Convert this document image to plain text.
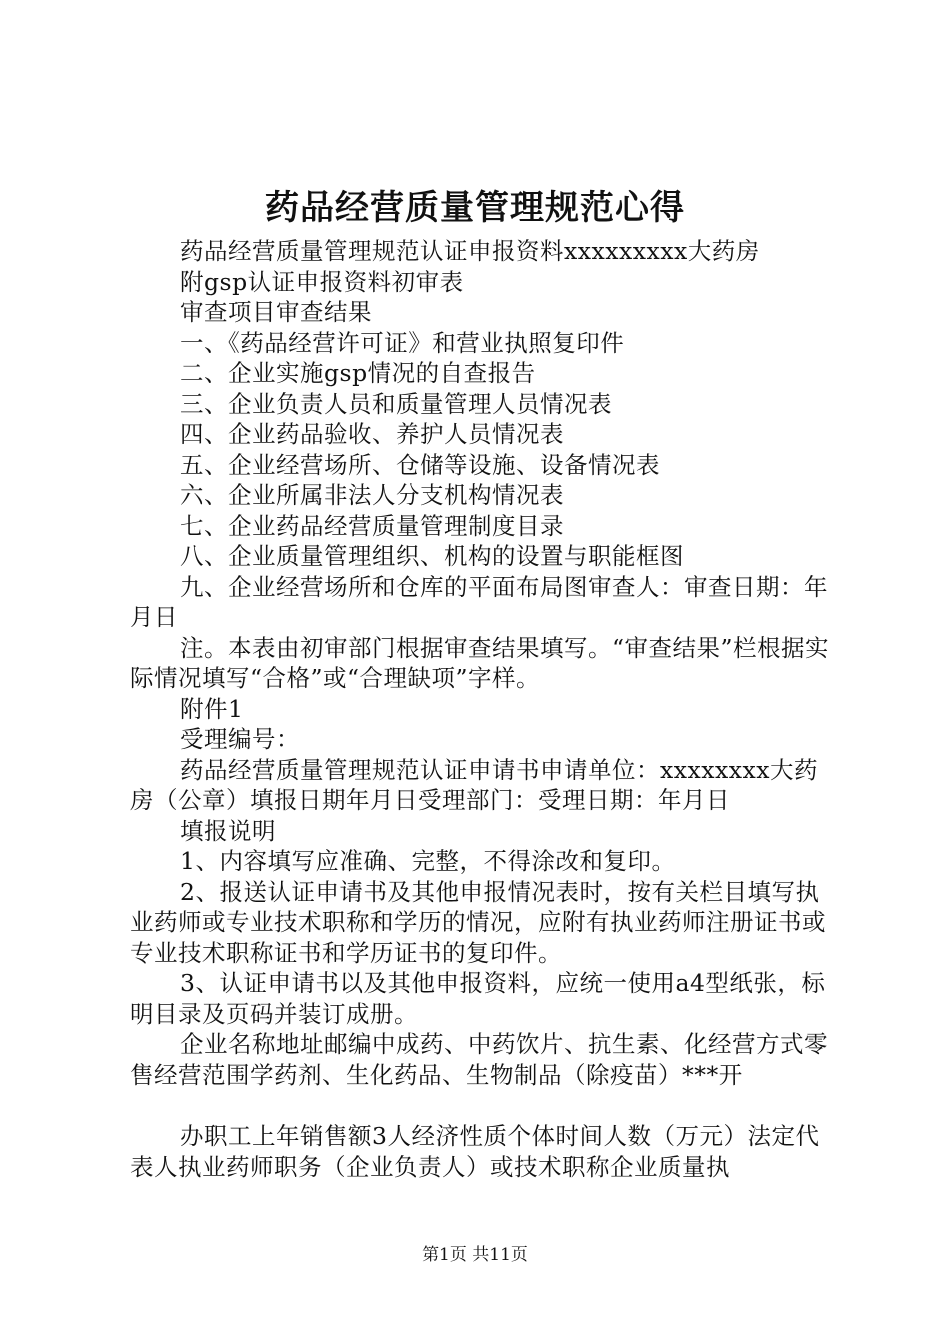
药品经营质量管理规范心得

药品经营质量管理规范认证申报资料xxxxxxxxx大药房

附gsp认证申报资料初审表

审查项目审查结果

一、《药品经营许可证》和营业执照复印件

二、企业实施gsp情况的自查报告

三、企业负责人员和质量管理人员情况表

四、企业药品验收、养护人员情况表

五、企业经营场所、仓储等设施、设备情况表

六、企业所属非法人分支机构情况表

七、企业药品经营质量管理制度目录

八、企业质量管理组织、机构的设置与职能框图

九、企业经营场所和仓库的平面布局图审查人：审查日期：年月日

注。本表由初审部门根据审查结果填写。“审查结果”栏根据实际情况填写“合格”或“合理缺项”字样。

附件1

受理编号：

药品经营质量管理规范认证申请书申请单位：xxxxxxxx大药房（公章）填报日期年月日受理部门：受理日期：年月日

填报说明

1、内容填写应准确、完整，不得涂改和复印。

2、报送认证申请书及其他申报情况表时，按有关栏目填写执业药师或专业技术职称和学历的情况，应附有执业药师注册证书或专业技术职称证书和学历证书的复印件。

3、认证申请书以及其他申报资料，应统一使用a4型纸张，标明目录及页码并装订成册。

企业名称地址邮编中成药、中药饮片、抗生素、化经营方式零售经营范围学药剂、生化药品、生物制品（除疫苗）***开

办职工上年销售额3人经济性质个体时间人数（万元）法定代表人执业药师职务（企业负责人）或技术职称企业质量执

第1页 共11页
